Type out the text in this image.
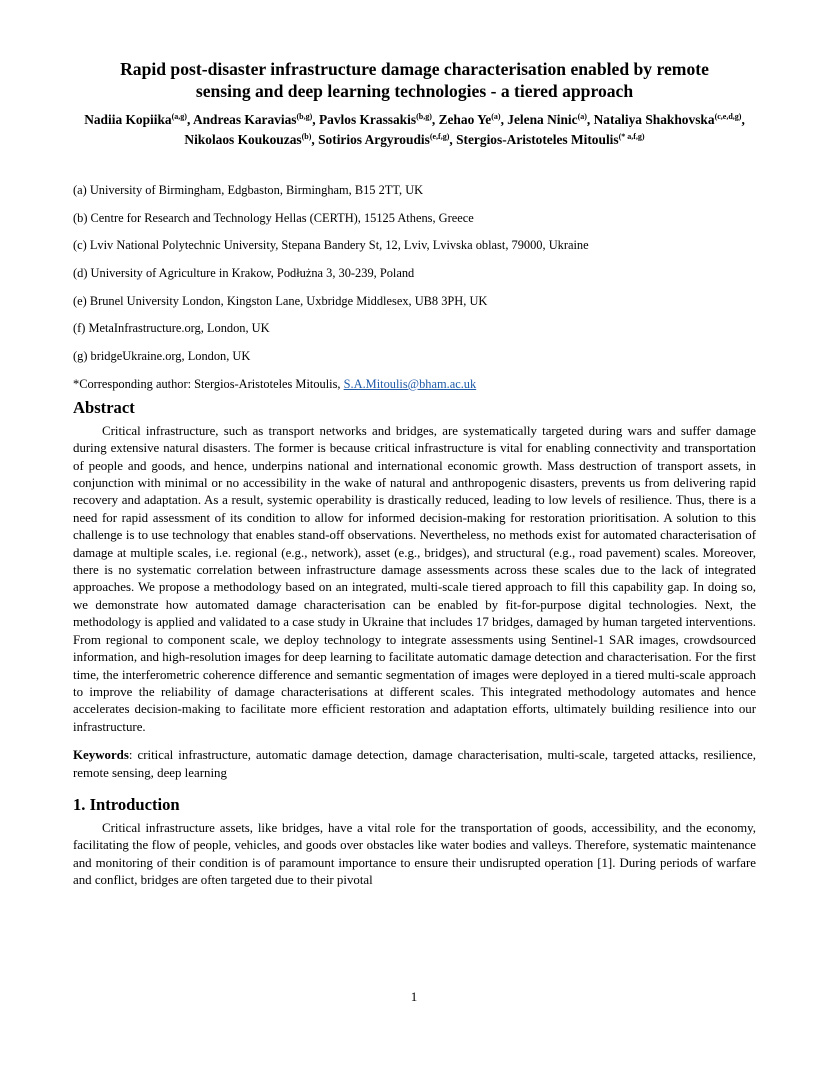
Rapid post-disaster infrastructure damage characterisation enabled by remote
sensing and deep learning technologies - a tiered approach
Nadiia Kopiika$^{(a,g)}$, Andreas Karavias$^{(b,g)}$, Pavlos Krassakis$^{(b,g)}$, Zehao Ye$^{(a)}$, Jelena Ninic$^{(a)}$, Nataliya Shakhovska$^{(c,e,d,g)}$, Nikolaos Koukouzas$^{(b)}$, Sotirios Argyroudis$^{(e,f,g)}$, Stergios-Aristoteles Mitoulis$^{(* a,f,g)}$
(a) University of Birmingham, Edgbaston, Birmingham, B15 2TT, UK
(b) Centre for Research and Technology Hellas (CERTH), 15125 Athens, Greece
(c) Lviv National Polytechnic University, Stepana Bandery St, 12, Lviv, Lvivska oblast, 79000, Ukraine
(d) University of Agriculture in Krakow, Podłużna 3, 30-239, Poland
(e) Brunel University London, Kingston Lane, Uxbridge Middlesex, UB8 3PH, UK
(f) MetaInfrastructure.org, London, UK
(g) bridgeUkraine.org, London, UK
*Corresponding author: Stergios-Aristoteles Mitoulis, S.A.Mitoulis@bham.ac.uk
Abstract

Critical infrastructure, such as transport networks and bridges, are systematically targeted during wars and suffer damage during extensive natural disasters. The former is because critical infrastructure is vital for enabling connectivity and transportation of people and goods, and hence, underpins national and international economic growth. Mass destruction of transport assets, in conjunction with minimal or no accessibility in the wake of natural and anthropogenic disasters, prevents us from delivering rapid recovery and adaptation. As a result, systemic operability is drastically reduced, leading to low levels of resilience. Thus, there is a need for rapid assessment of its condition to allow for informed decision-making for restoration prioritisation. A solution to this challenge is to use technology that enables stand-off observations. Nevertheless, no methods exist for automated characterisation of damage at multiple scales, i.e. regional (e.g., network), asset (e.g., bridges), and structural (e.g., road pavement) scales. Moreover, there is no systematic correlation between infrastructure damage assessments across these scales due to the lack of integrated approaches. We propose a methodology based on an integrated, multi-scale tiered approach to fill this capability gap. In doing so, we demonstrate how automated damage characterisation can be enabled by fit-for-purpose digital technologies. Next, the methodology is applied and validated to a case study in Ukraine that includes 17 bridges, damaged by human targeted interventions. From regional to component scale, we deploy technology to integrate assessments using Sentinel-1 SAR images, crowdsourced information, and high-resolution images for deep learning to facilitate automatic damage detection and characterisation. For the first time, the interferometric coherence difference and semantic segmentation of images were deployed in a tiered multi-scale approach to improve the reliability of damage characterisations at different scales. This integrated methodology automates and hence accelerates decision-making to facilitate more efficient restoration and adaptation efforts, ultimately building resilience into our infrastructure.

Keywords: critical infrastructure, automatic damage detection, damage characterisation, multi-scale, targeted attacks, resilience, remote sensing, deep learning
1. Introduction

Critical infrastructure assets, like bridges, have a vital role for the transportation of goods, accessibility, and the economy, facilitating the flow of people, vehicles, and goods over obstacles like water bodies and valleys. Therefore, systematic maintenance and monitoring of their condition is of paramount importance to ensure their undisrupted operation [1]. During periods of warfare and conflict, bridges are often targeted due to their pivotal

1
